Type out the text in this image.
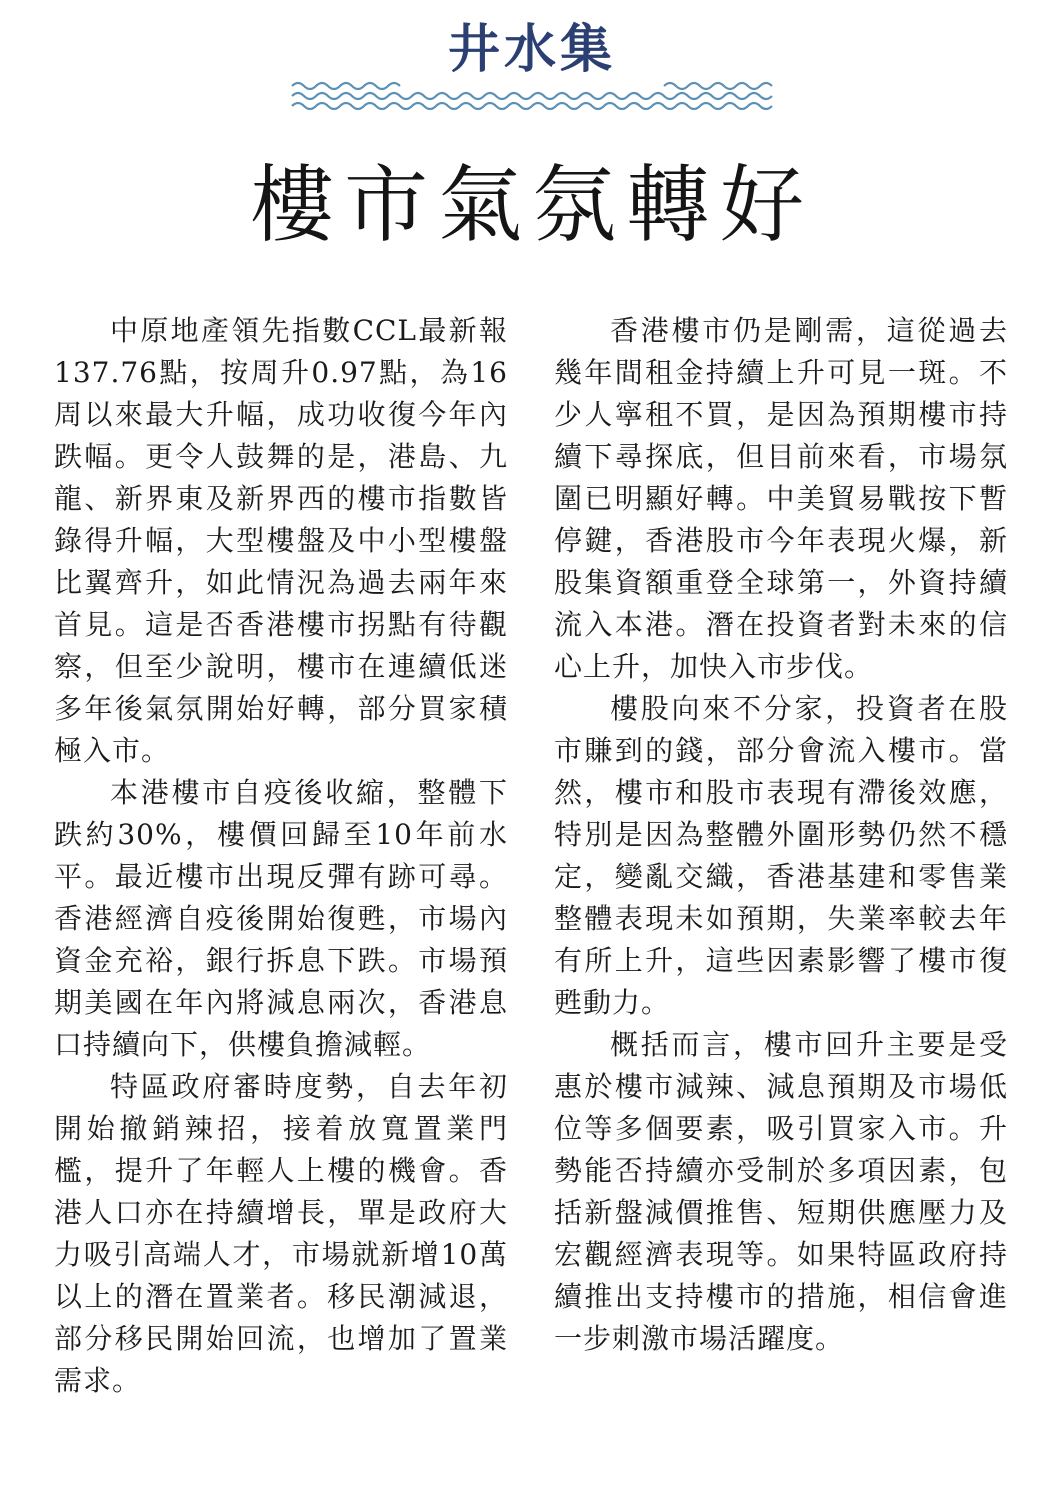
井水集
樓市氣氛轉好

中原地產領先指數CCL最新報137.76點，按周升0.97點，為16周以來最大升幅，成功收復今年內跌幅。更令人鼓舞的是，港島、九龍、新界東及新界西的樓市指數皆錄得升幅，大型樓盤及中小型樓盤比翼齊升，如此情況為過去兩年來首見。這是否香港樓市拐點有待觀察，但至少說明，樓市在連續低迷多年後氣氛開始好轉，部分買家積極入市。

本港樓市自疫後收縮，整體下跌約30%，樓價回歸至10年前水平。最近樓市出現反彈有跡可尋。香港經濟自疫後開始復甦，市場內資金充裕，銀行拆息下跌。市場預期美國在年內將減息兩次，香港息口持續向下，供樓負擔減輕。

特區政府審時度勢，自去年初開始撤銷辣招，接着放寬置業門檻，提升了年輕人上樓的機會。香港人口亦在持續增長，單是政府大力吸引高端人才，市場就新增10萬以上的潛在置業者。移民潮減退，部分移民開始回流，也增加了置業需求。

香港樓市仍是剛需，這從過去幾年間租金持續上升可見一斑。不少人寧租不買，是因為預期樓市持續下尋探底，但目前來看，市場氛圍已明顯好轉。中美貿易戰按下暫停鍵，香港股市今年表現火爆，新股集資額重登全球第一，外資持續流入本港。潛在投資者對未來的信心上升，加快入市步伐。

樓股向來不分家，投資者在股市賺到的錢，部分會流入樓市。當然，樓市和股市表現有滯後效應，特別是因為整體外圍形勢仍然不穩定，變亂交織，香港基建和零售業整體表現未如預期，失業率較去年有所上升，這些因素影響了樓市復甦動力。

概括而言，樓市回升主要是受惠於樓市減辣、減息預期及市場低位等多個要素，吸引買家入市。升勢能否持續亦受制於多項因素，包括新盤減價推售、短期供應壓力及宏觀經濟表現等。如果特區政府持續推出支持樓市的措施，相信會進一步刺激市場活躍度。
